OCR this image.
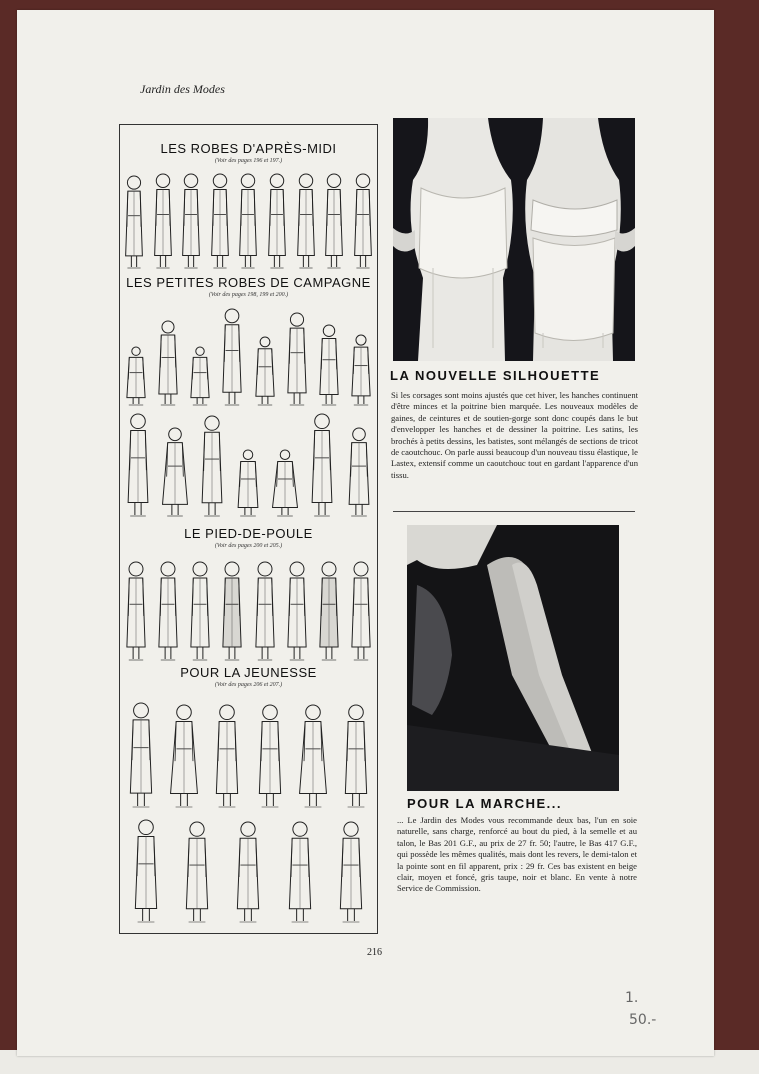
Jardin des Modes
LES ROBES D'APRÈS-MIDI
(Voir des pages 196 et 197.)
LES PETITES ROBES DE CAMPAGNE
(Voir des pages 198, 199 et 200.)
LE PIED-DE-POULE
(Voir des pages 200 et 205.)
POUR LA JEUNESSE
(Voir des pages 206 et 207.)
LA NOUVELLE SILHOUETTE
Si les corsages sont moins ajustés que cet hiver, les hanches continuent d'être minces et la poitrine bien marquée. Les nouveaux modèles de gaines, de ceintures et de soutien-gorge sont donc coupés dans le but d'envelopper les hanches et de dessiner la poitrine. Les satins, les brochés à petits dessins, les batistes, sont mélangés de sections de tricot de caoutchouc. On parle aussi beaucoup d'un nouveau tissu élastique, le Lastex, extensif comme un caoutchouc tout en gardant l'apparence d'un tissu.
POUR LA MARCHE...
... Le Jardin des Modes vous recommande deux bas, l'un en soie naturelle, sans charge, renforcé au bout du pied, à la semelle et au talon, le Bas 201 G.F., au prix de 27 fr. 50; l'autre, le Bas 417 G.F., qui possède les mêmes qualités, mais dont les revers, le demi-talon et la pointe sont en fil apparent, prix : 29 fr. Ces bas existent en beige clair, moyen et foncé, gris taupe, noir et blanc. En vente à notre Service de Commission.
216
1.
50.-
